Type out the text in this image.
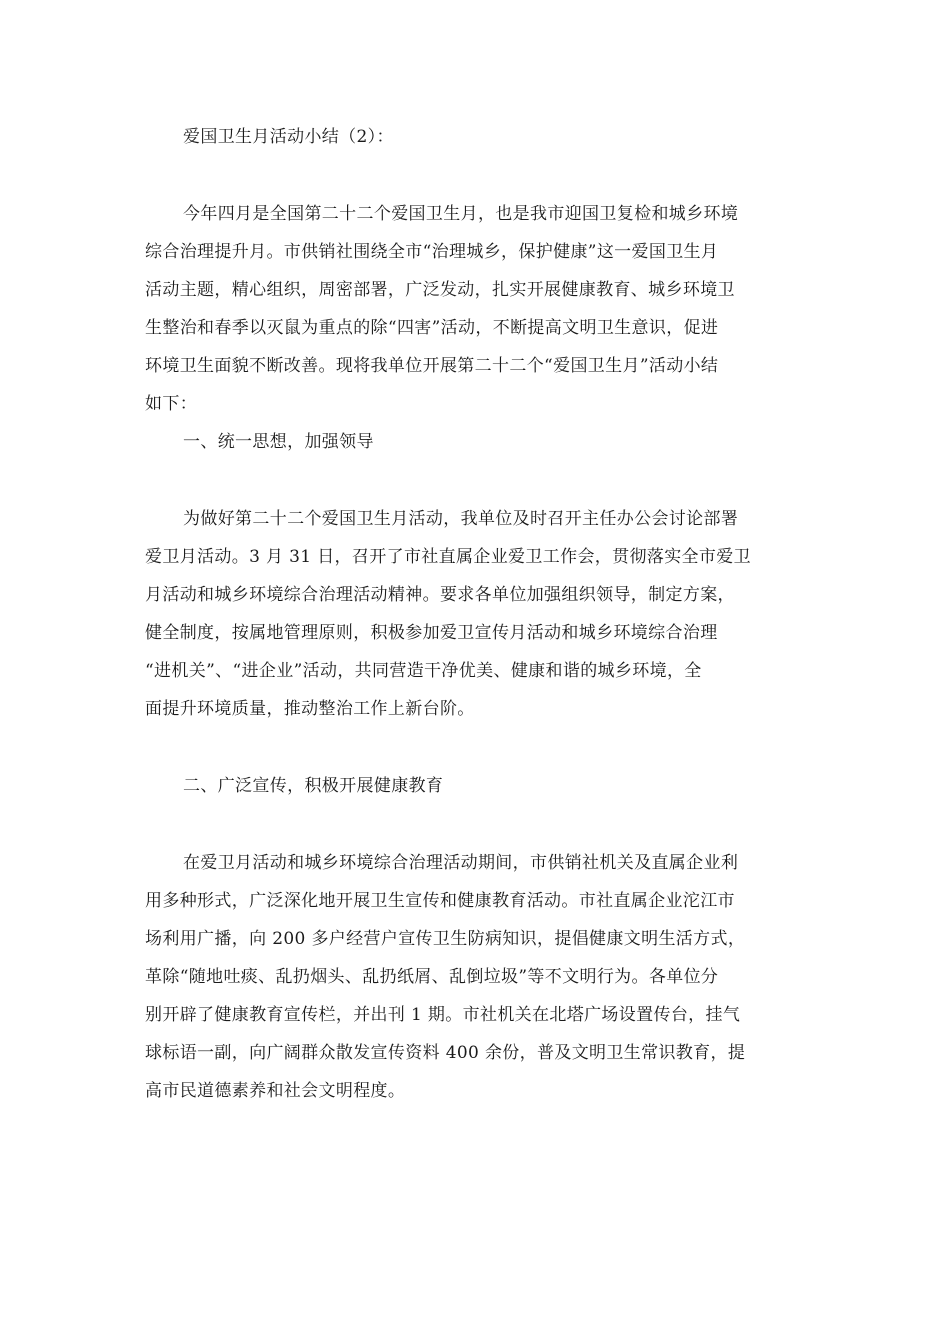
爱国卫生月活动小结（2）：
今年四月是全国第二十二个爱国卫生月，也是我市迎国卫复检和城乡环境
综合治理提升月。市供销社围绕全市“治理城乡，保护健康”这一爱国卫生月
活动主题，精心组织，周密部署，广泛发动，扎实开展健康教育、城乡环境卫
生整治和春季以灭鼠为重点的除“四害”活动，不断提高文明卫生意识，促进
环境卫生面貌不断改善。现将我单位开展第二十二个“爱国卫生月”活动小结
如下：
一、统一思想，加强领导
为做好第二十二个爱国卫生月活动，我单位及时召开主任办公会讨论部署
爱卫月活动。3 月 31 日，召开了市社直属企业爱卫工作会，贯彻落实全市爱卫
月活动和城乡环境综合治理活动精神。要求各单位加强组织领导，制定方案，
健全制度，按属地管理原则，积极参加爱卫宣传月活动和城乡环境综合治理
“进机关”、“进企业”活动，共同营造干净优美、健康和谐的城乡环境，全
面提升环境质量，推动整治工作上新台阶。
二、广泛宣传，积极开展健康教育
在爱卫月活动和城乡环境综合治理活动期间，市供销社机关及直属企业利
用多种形式，广泛深化地开展卫生宣传和健康教育活动。市社直属企业沱江市
场利用广播，向 200 多户经营户宣传卫生防病知识，提倡健康文明生活方式，
革除“随地吐痰、乱扔烟头、乱扔纸屑、乱倒垃圾”等不文明行为。各单位分
别开辟了健康教育宣传栏，并出刊 1 期。市社机关在北塔广场设置传台，挂气
球标语一副，向广阔群众散发宣传资料 400 余份，普及文明卫生常识教育，提
高市民道德素养和社会文明程度。
